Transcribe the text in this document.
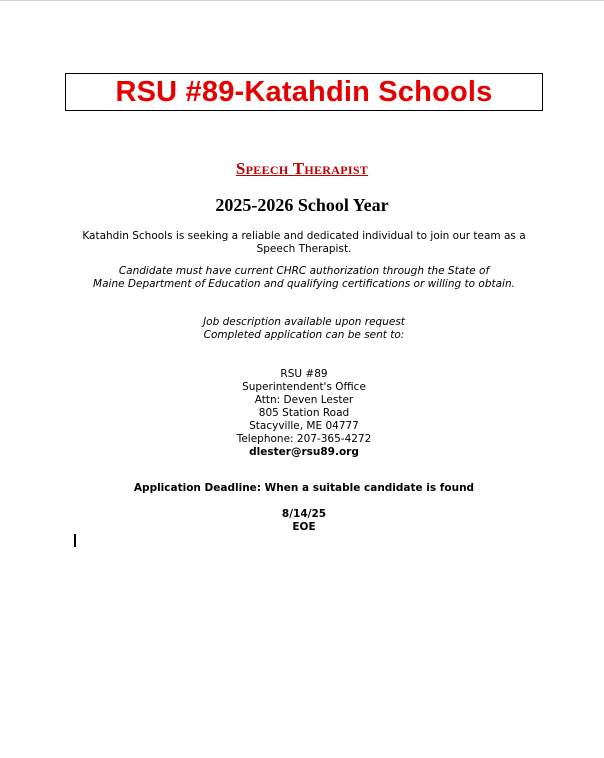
RSU #89-Katahdin Schools
Speech Therapist
2025-2026 School Year

Katahdin Schools is seeking a reliable and dedicated individual to join our team as a
Speech Therapist.

Candidate must have current CHRC authorization through the State of
Maine Department of Education and qualifying certifications or willing to obtain.

Job description available upon request
Completed application can be sent to:

RSU #89
Superintendent's Office
Attn: Deven Lester
805 Station Road
Stacyville, ME 04777
Telephone: 207-365-4272
dlester@rsu89.org

Application Deadline: When a suitable candidate is found

8/14/25
EOE
